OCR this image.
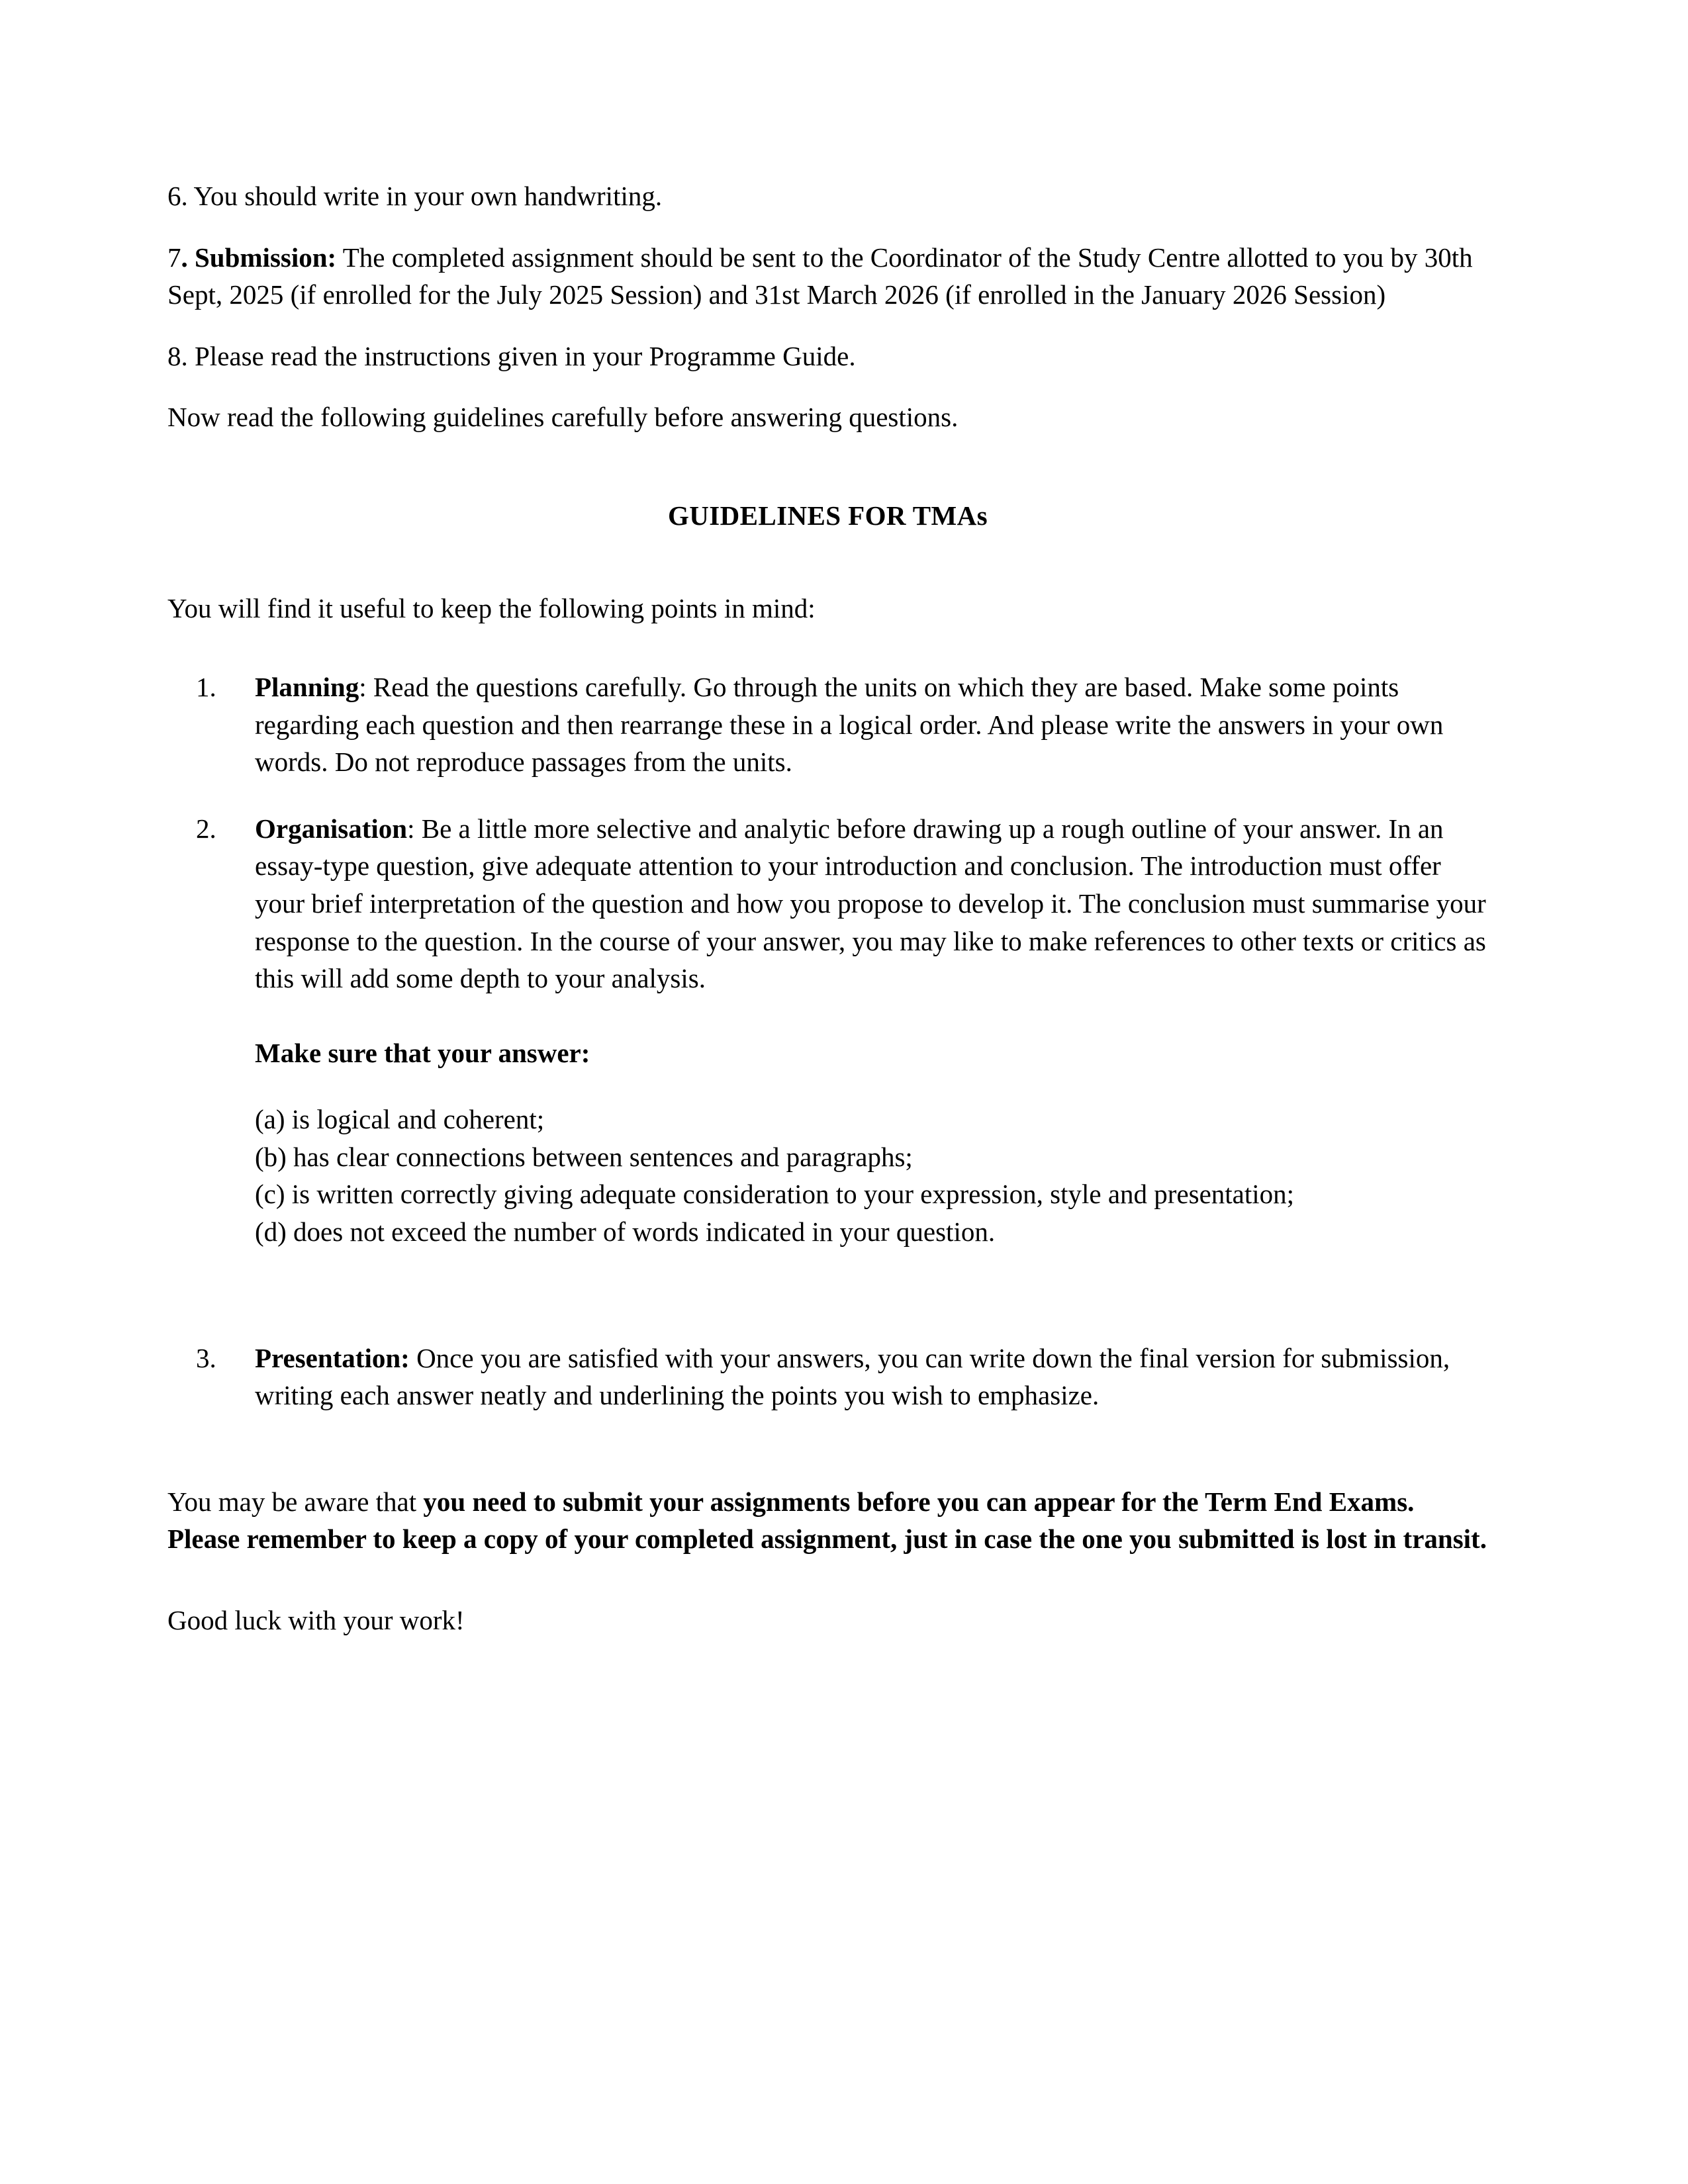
6. You should write in your own handwriting.

7. Submission: The completed assignment should be sent to the Coordinator of the Study Centre allotted to you by 30th Sept, 2025 (if enrolled for the July 2025 Session) and 31st March 2026 (if enrolled in the January 2026 Session)

8. Please read the instructions given in your Programme Guide.

Now read the following guidelines carefully before answering questions.

GUIDELINES FOR TMAs

You will find it useful to keep the following points in mind:

1. Planning: Read the questions carefully. Go through the units on which they are based. Make some points regarding each question and then rearrange these in a logical order. And please write the answers in your own words. Do not reproduce passages from the units.

2. Organisation: Be a little more selective and analytic before drawing up a rough outline of your answer. In an essay-type question, give adequate attention to your introduction and conclusion. The introduction must offer your brief interpretation of the question and how you propose to develop it. The conclusion must summarise your response to the question. In the course of your answer, you may like to make references to other texts or critics as this will add some depth to your analysis.

Make sure that your answer:

(a) is logical and coherent;

(b) has clear connections between sentences and paragraphs;

(c) is written correctly giving adequate consideration to your expression, style and presentation;

(d) does not exceed the number of words indicated in your question.

3. Presentation: Once you are satisfied with your answers, you can write down the final version for submission, writing each answer neatly and underlining the points you wish to emphasize.

You may be aware that you need to submit your assignments before you can appear for the Term End Exams. Please remember to keep a copy of your completed assignment, just in case the one you submitted is lost in transit.

Good luck with your work!
